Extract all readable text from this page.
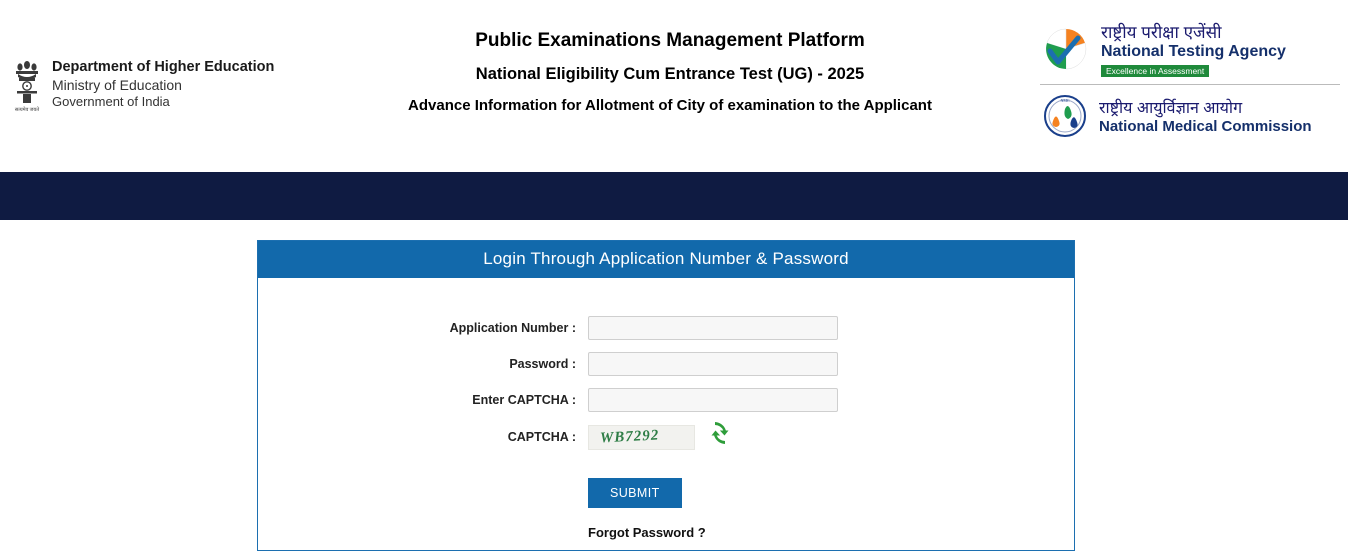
सत्यमेव जयते
Department of Higher Education
Ministry of Education
Government of India
Public Examinations Management Platform
National Eligibility Cum Entrance Test (UG) - 2025
Advance Information for Allotment of City of examination to the Applicant
राष्ट्रीय परीक्षा एजेंसी
National Testing Agency
Excellence in Assessment
NMC राष्ट्रीय आयुर्विज्ञान आयोग
National Medical Commission
Login Through Application Number & Password
Application Number :
Password :
Enter CAPTCHA :
CAPTCHA :	WB7292
SUBMIT
Forgot Password ?
